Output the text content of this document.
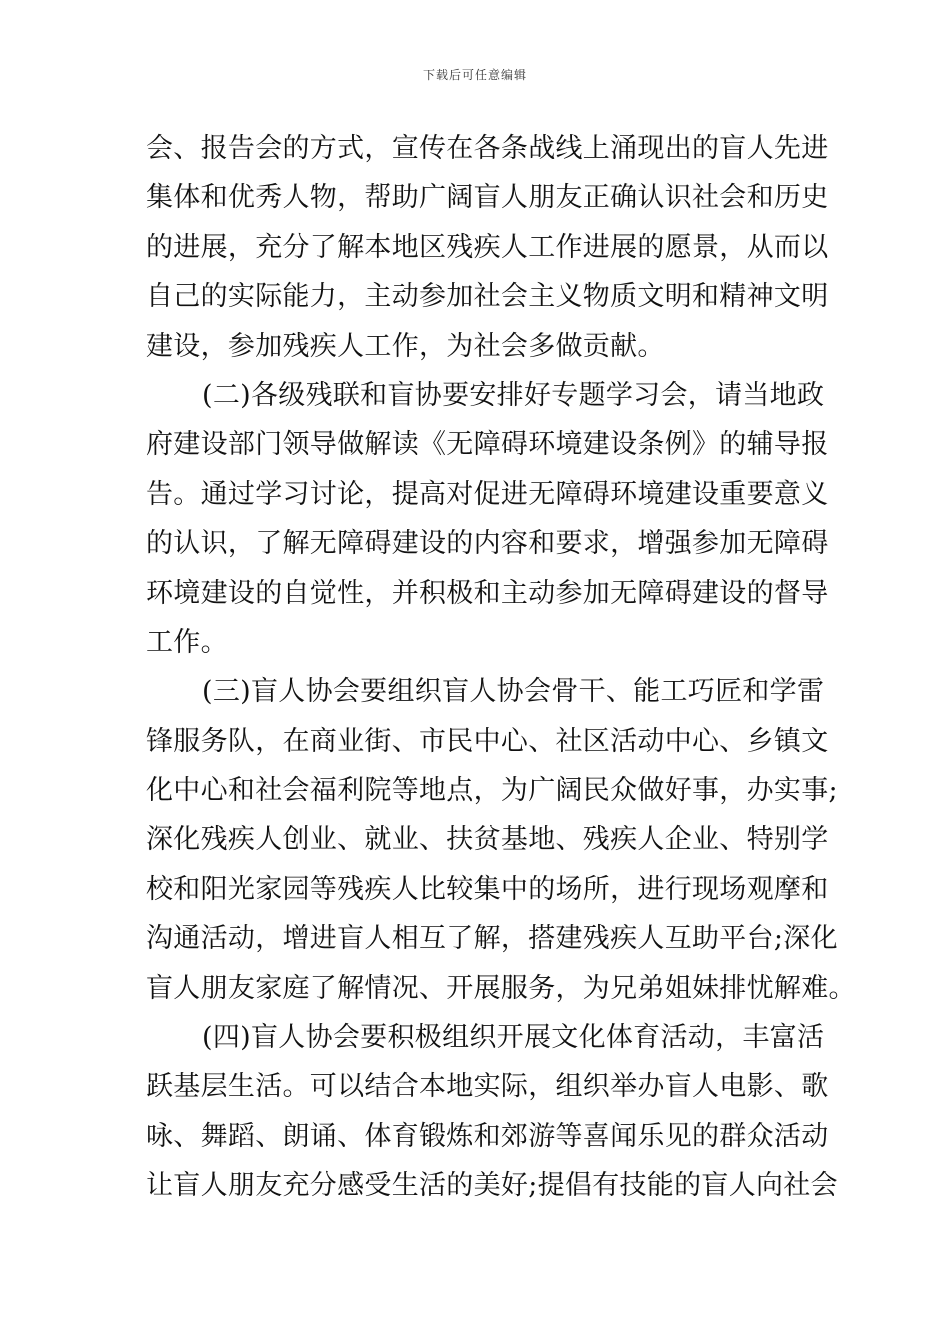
下载后可任意编辑
会、报告会的方式，宣传在各条战线上涌现出的盲人先进
集体和优秀人物，帮助广阔盲人朋友正确认识社会和历史
的进展，充分了解本地区残疾人工作进展的愿景，从而以
自己的实际能力，主动参加社会主义物质文明和精神文明
建设，参加残疾人工作，为社会多做贡献。
(二)各级残联和盲协要安排好专题学习会，请当地政
府建设部门领导做解读《无障碍环境建设条例》的辅导报
告。通过学习讨论，提高对促进无障碍环境建设重要意义
的认识，了解无障碍建设的内容和要求，增强参加无障碍
环境建设的自觉性，并积极和主动参加无障碍建设的督导
工作。
(三)盲人协会要组织盲人协会骨干、能工巧匠和学雷
锋服务队，在商业街、市民中心、社区活动中心、乡镇文
化中心和社会福利院等地点，为广阔民众做好事，办实事;
深化残疾人创业、就业、扶贫基地、残疾人企业、特别学
校和阳光家园等残疾人比较集中的场所，进行现场观摩和
沟通活动，增进盲人相互了解，搭建残疾人互助平台;深化
盲人朋友家庭了解情况、开展服务，为兄弟姐妹排忧解难。
(四)盲人协会要积极组织开展文化体育活动，丰富活
跃基层生活。可以结合本地实际，组织举办盲人电影、歌
咏、舞蹈、朗诵、体育锻炼和郊游等喜闻乐见的群众活动
让盲人朋友充分感受生活的美好;提倡有技能的盲人向社会
